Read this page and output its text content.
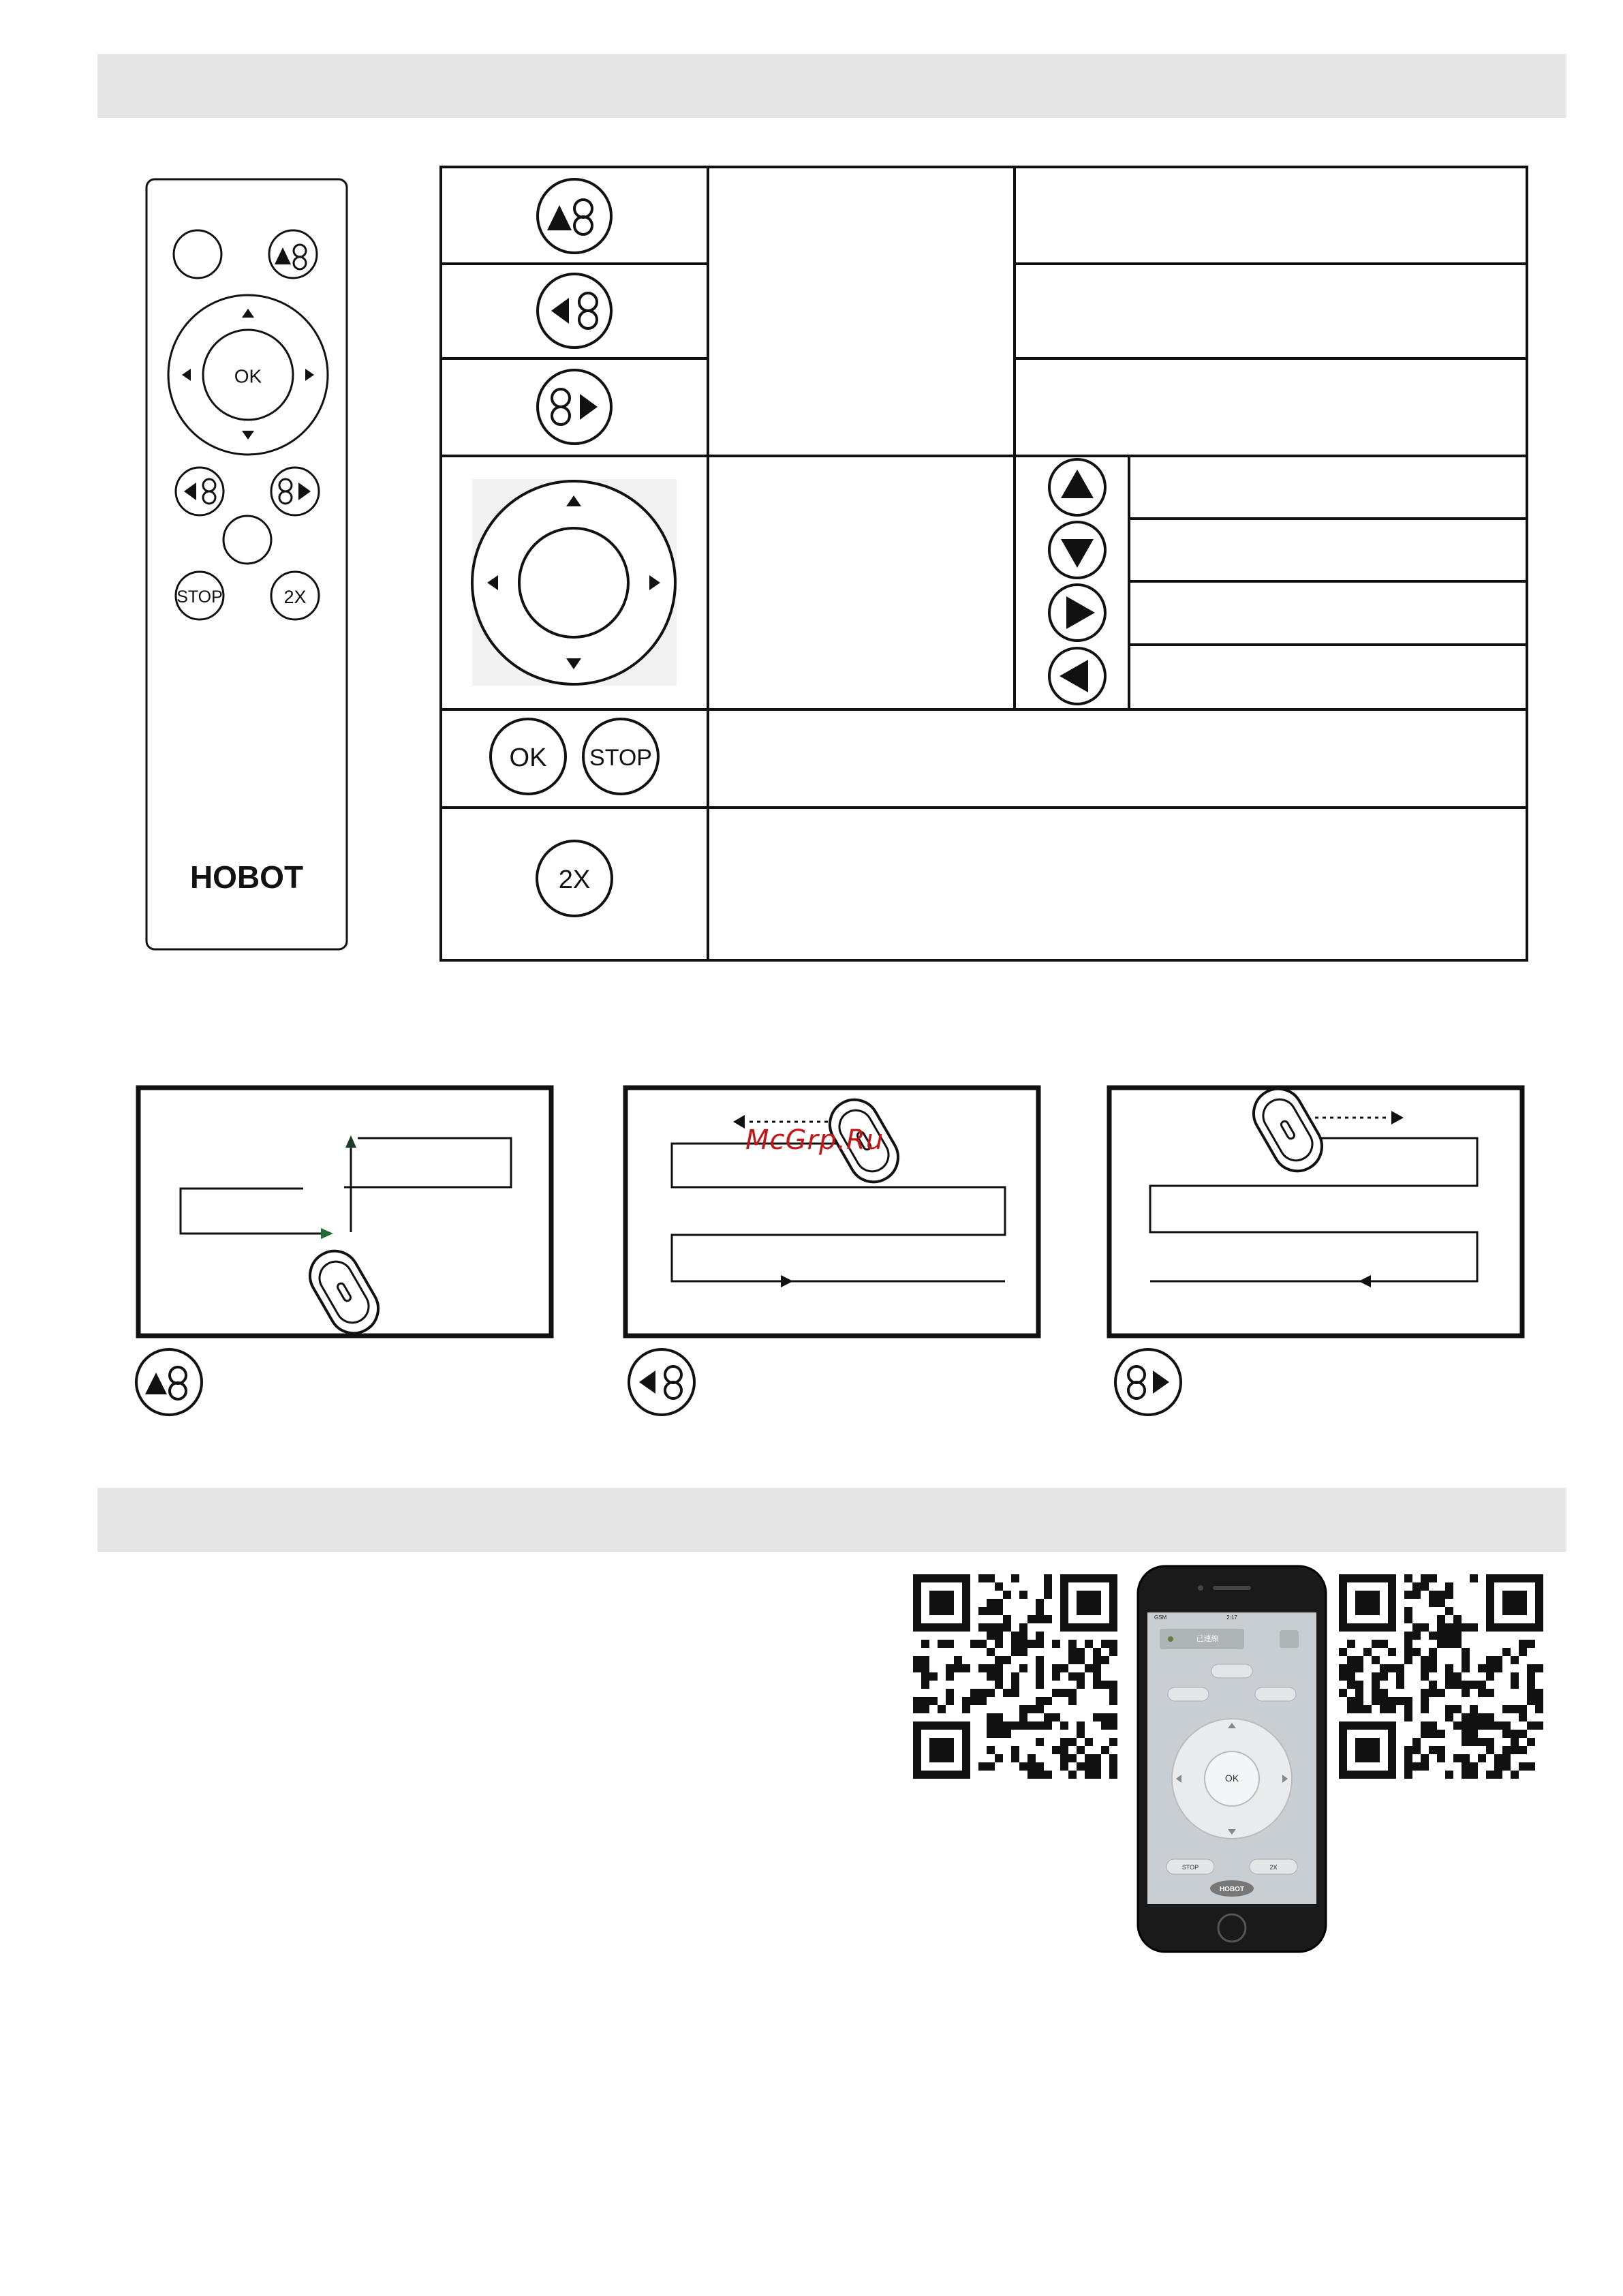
OK
STOP	2X
HOBOT
OK STOP
2X
McGrp.Ru
GSM	2:17
已連線
OK
STOP	2X
HOBOT
